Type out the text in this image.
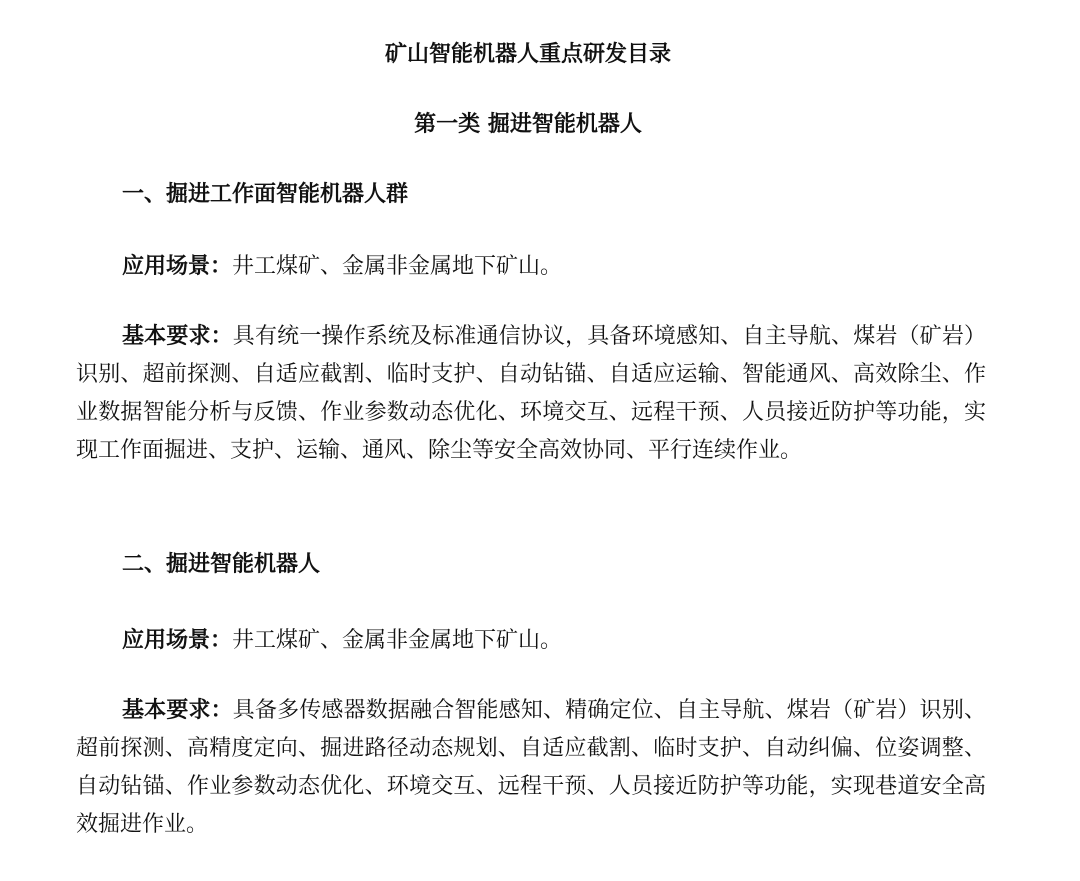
矿山智能机器人重点研发目录
第一类 掘进智能机器人
一、掘进工作面智能机器人群
应用场景：井工煤矿、金属非金属地下矿山。
基本要求：具有统一操作系统及标准通信协议，具备环境感知、自主导航、煤岩（矿岩）识别、超前探测、自适应截割、临时支护、自动钻锚、自适应运输、智能通风、高效除尘、作业数据智能分析与反馈、作业参数动态优化、环境交互、远程干预、人员接近防护等功能，实现工作面掘进、支护、运输、通风、除尘等安全高效协同、平行连续作业。
二、掘进智能机器人
应用场景：井工煤矿、金属非金属地下矿山。
基本要求：具备多传感器数据融合智能感知、精确定位、自主导航、煤岩（矿岩）识别、超前探测、高精度定向、掘进路径动态规划、自适应截割、临时支护、自动纠偏、位姿调整、自动钻锚、作业参数动态优化、环境交互、远程干预、人员接近防护等功能，实现巷道安全高效掘进作业。
